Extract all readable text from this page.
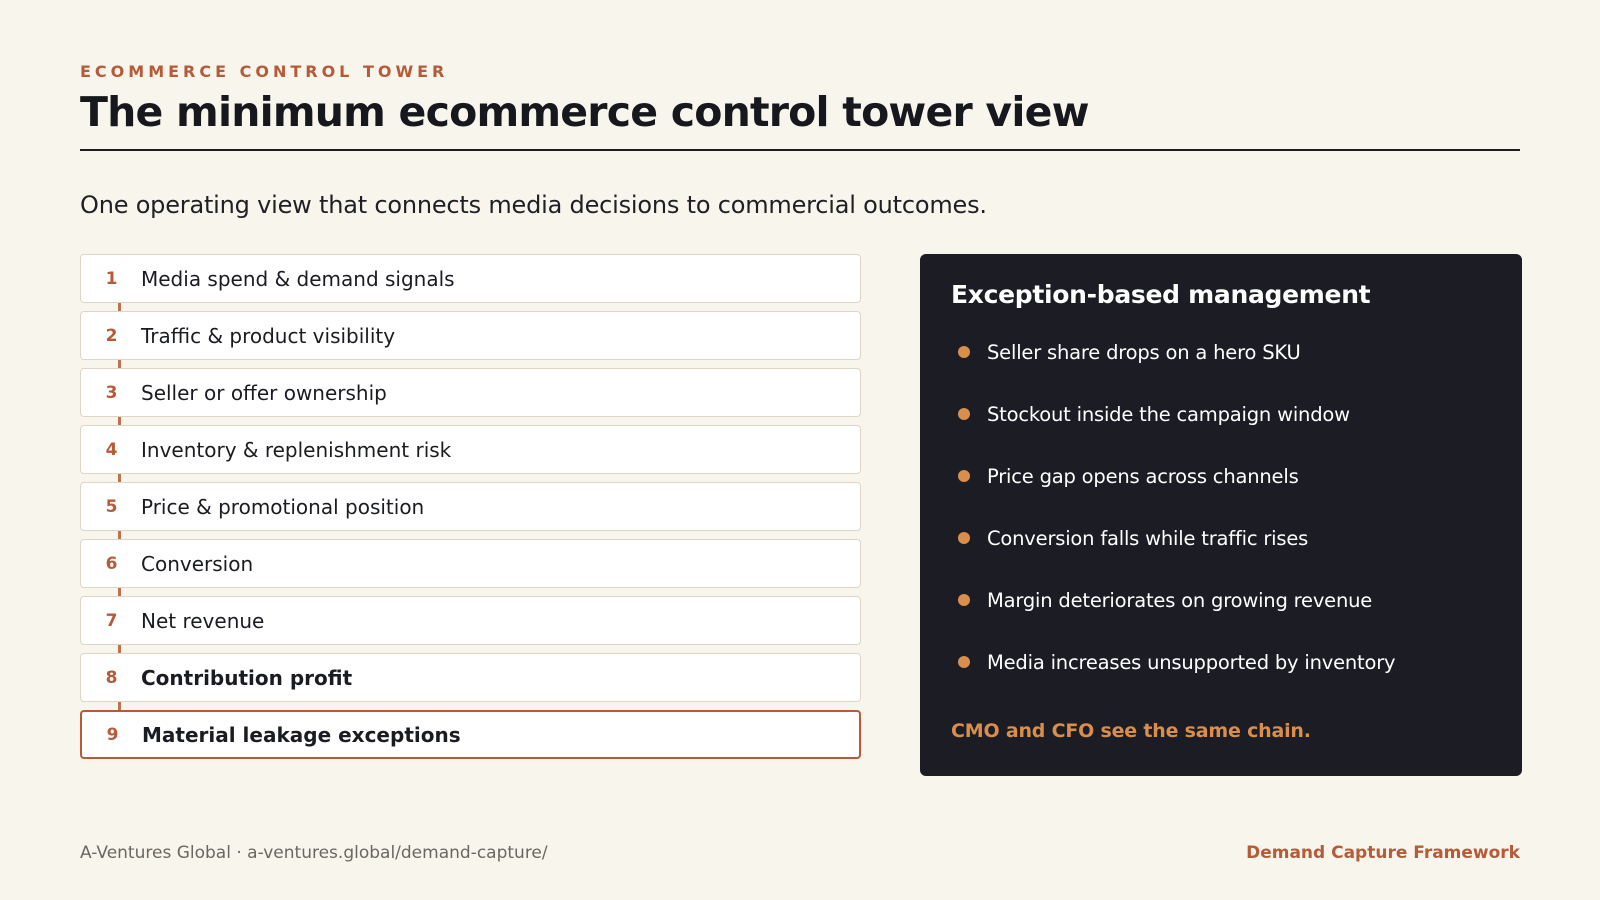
ECOMMERCE CONTROL TOWER
The minimum ecommerce control tower view

One operating view that connects media decisions to commercial outcomes.

1	Media spend & demand signals
2	Traffic & product visibility
3	Seller or offer ownership
4	Inventory & replenishment risk
5	Price & promotional position
6	Conversion
7	Net revenue
8	Contribution profit
9	Material leakage exceptions
Exception-based management
Seller share drops on a hero SKU
Stockout inside the campaign window
Price gap opens across channels
Conversion falls while traffic rises
Margin deteriorates on growing revenue
Media increases unsupported by inventory

CMO and CFO see the same chain.

A-Ventures Global · a-ventures.global/demand-capture/	Demand Capture Framework
